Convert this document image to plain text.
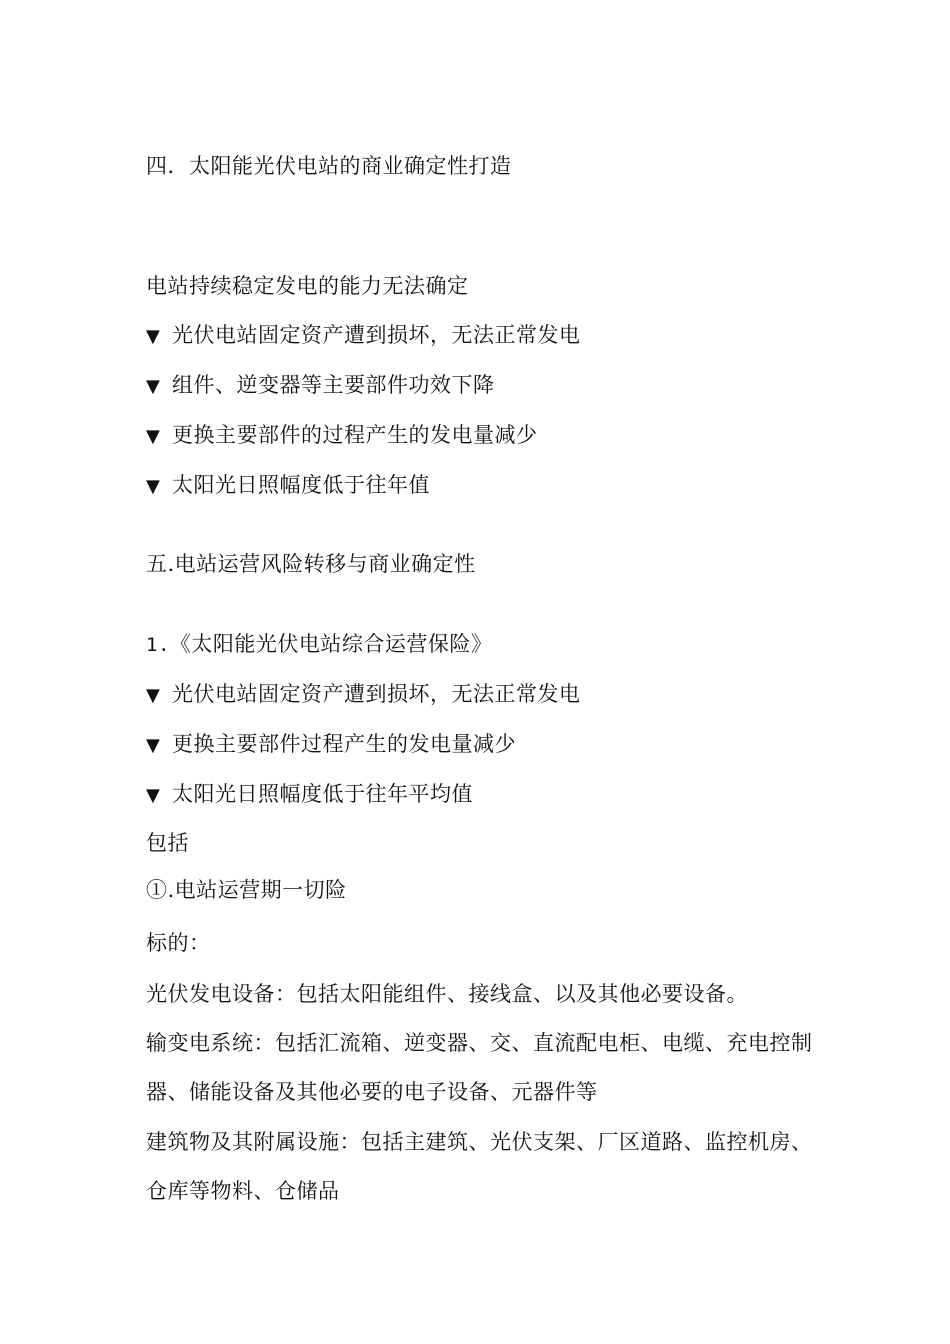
四．太阳能光伏电站的商业确定性打造
电站持续稳定发电的能力无法确定
▼ 光伏电站固定资产遭到损坏，无法正常发电
▼ 组件、逆变器等主要部件功效下降
▼ 更换主要部件的过程产生的发电量减少
▼ 太阳光日照幅度低于往年值
五.电站运营风险转移与商业确定性
1.《太阳能光伏电站综合运营保险》
▼ 光伏电站固定资产遭到损坏，无法正常发电
▼ 更换主要部件过程产生的发电量减少
▼ 太阳光日照幅度低于往年平均值
包括
①.电站运营期一切险
标的：
光伏发电设备：包括太阳能组件、接线盒、以及其他必要设备。
输变电系统：包括汇流箱、逆变器、交、直流配电柜、电缆、充电控制
器、储能设备及其他必要的电子设备、元器件等
建筑物及其附属设施：包括主建筑、光伏支架、厂区道路、监控机房、
仓库等物料、仓储品
